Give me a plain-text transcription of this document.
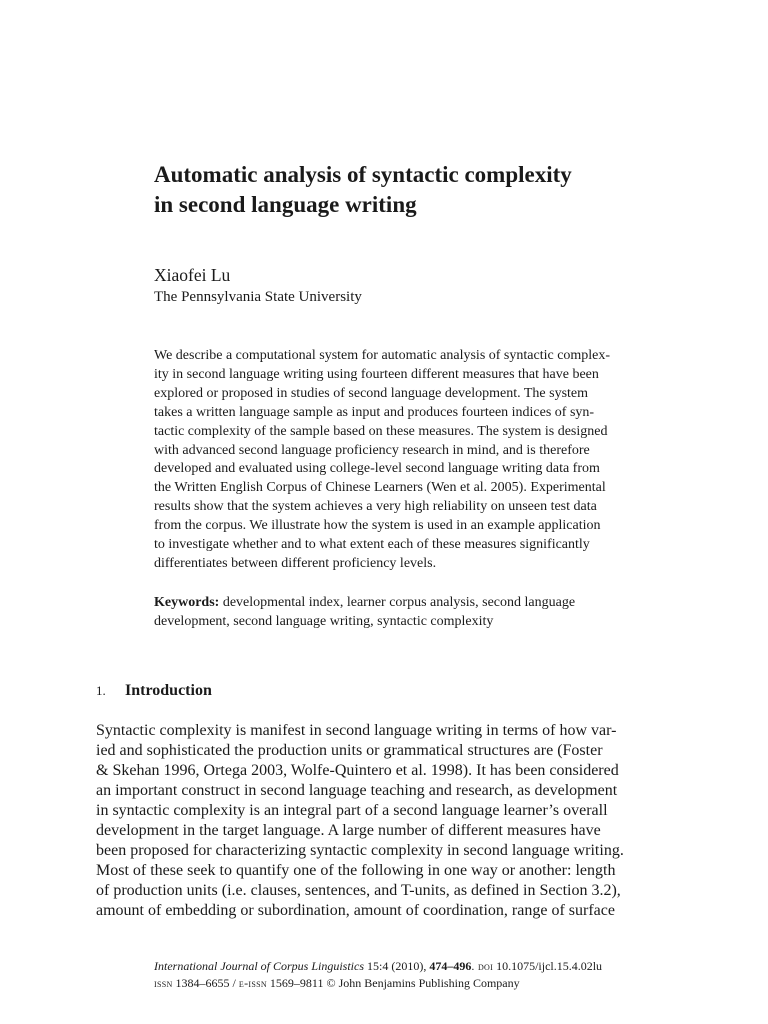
Automatic analysis of syntactic complexity
in second language writing
Xiaofei Lu
The Pennsylvania State University
We describe a computational system for automatic analysis of syntactic complex-
ity in second language writing using fourteen different measures that have been
explored or proposed in studies of second language development. The system
takes a written language sample as input and produces fourteen indices of syn-
tactic complexity of the sample based on these measures. The system is designed
with advanced second language proficiency research in mind, and is therefore
developed and evaluated using college-level second language writing data from
the Written English Corpus of Chinese Learners (Wen et al. 2005). Experimental
results show that the system achieves a very high reliability on unseen test data
from the corpus. We illustrate how the system is used in an example application
to investigate whether and to what extent each of these measures significantly
differentiates between different proficiency levels.
Keywords: developmental index, learner corpus analysis, second language
development, second language writing, syntactic complexity
1. Introduction
Syntactic complexity is manifest in second language writing in terms of how var-
ied and sophisticated the production units or grammatical structures are (Foster
& Skehan 1996, Ortega 2003, Wolfe-Quintero et al. 1998). It has been considered
an important construct in second language teaching and research, as development
in syntactic complexity is an integral part of a second language learner’s overall
development in the target language. A large number of different measures have
been proposed for characterizing syntactic complexity in second language writing.
Most of these seek to quantify one of the following in one way or another: length
of production units (i.e. clauses, sentences, and T-units, as defined in Section 3.2),
amount of embedding or subordination, amount of coordination, range of surface
International Journal of Corpus Linguistics 15:4 (2010), 474–496. doi 10.1075/ijcl.15.4.02lu
issn 1384–6655 / e-issn 1569–9811 © John Benjamins Publishing Company
